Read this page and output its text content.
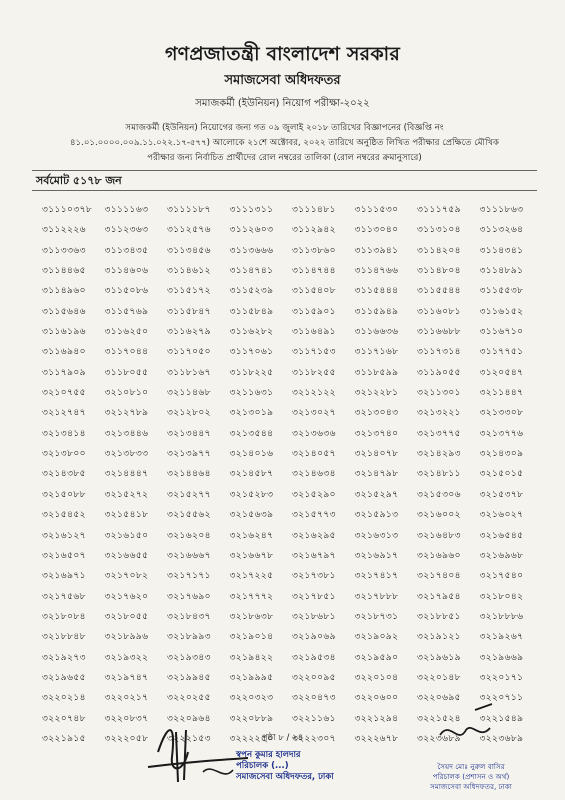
গণপ্রজাতন্ত্রী বাংলাদেশ সরকার
সমাজসেবা অধিদফতর
সমাজকর্মী (ইউনিয়ন) নিয়োগ পরীক্ষা-২০২২
সমাজকর্মী (ইউনিয়ন) নিয়োগের জন্য গত ০৯ জুলাই ২০১৮ তারিখের বিজ্ঞাপনের (বিজ্ঞপ্তি নং
৪১.০১.০০০০.০০৯.১১.০২২.১৭-৫৭৭) আলোকে ২১শে অক্টোবর, ২০২২ তারিখে অনুষ্ঠিত লিখিত পরীক্ষার প্রেক্ষিতে মৌখিক
পরীক্ষার জন্য নির্বাচিত প্রার্থীদের রোল নম্বরের তালিকা (রোল নম্বরের ক্রমানুসারে)
সর্বমোট ৫১৭৮ জন
৩১১১০৩৭৮	৩১১১১৬৩	৩১১১১৮৭	৩১১১৩১১	৩১১১৪৮১	৩১১১৫৩০	৩১১১৭৫৯	৩১১১৮৬৩
৩১১২২২৬	৩১১২৩৬৩	৩১১২৫৭৬	৩১১২৬০৩	৩১১২৯৪২	৩১১৩০৪০	৩১১৩১০৪	৩১১৩২৬৪
৩১১৩৩৬৩	৩১১৩৪৩৫	৩১১৩৪৫৬	৩১১৩৬৬৬	৩১১৩৮৬০	৩১১৩৯৪১	৩১১৪২০৪	৩১১৪৩৪১
৩১১৪৪৬৫	৩১১৪৬০৬	৩১১৪৬১২	৩১১৪৭৪১	৩১১৪৭৪৪	৩১১৪৭৬৬	৩১১৪৮০৪	৩১১৪৮৯১
৩১১৪৯৬০	৩১১৫০৮৬	৩১১৫১৭২	৩১১৫২৩৯	৩১১৫৪০৮	৩১১৫৪৪৪	৩১১৫৫৪৪	৩১১৫৫৩৮
৩১১৫৬৪৬	৩১১৫৭৬৯	৩১১৫৮৪৭	৩১১৫৮৪৯	৩১১৫৯০১	৩১১৫৯৪৯	৩১১৬০৮১	৩১১৬১৫২
৩১১৬১৯৬	৩১১৬২৫০	৩১১৬২৭৯	৩১১৬২৮২	৩১১৬৪৯১	৩১১৬৬৩৬	৩১১৬৬৮৮	৩১১৬৭১০
৩১১৬৯৪০	৩১১৭০৪৪	৩১১৭০৫০	৩১১৭০৬১	৩১১৭১৫৩	৩১১৭১৬৮	৩১১৭৩১৪	৩১১৭৭৫১
৩১১৭৯০৯	৩১১৮০৫৫	৩১১৮১৬৭	৩১১৮২২৫	৩১১৮২৫৫	৩১১৮৫৯৯	৩১১৯০৫৫	৩১২০৫৪৭
৩২১০৭৫৫	৩২১০৮১০	৩২১১৪৬৮	৩২১১৬৩১	৩২১২১২২	৩২১২২৮১	৩২১১৩০১	৩২১১৪৪৭
৩২১২৭৪৭	৩২১২৭৮৯	৩২১২৮০২	৩২১৩০১৯	৩২১৩০২৭	৩২১৩০৪৩	৩২১৩২২১	৩২১৩৩০৮
৩২১৩৪১৪	৩২১৩৪৪৬	৩২১৩৪৪৭	৩২১৩৫৪৪	৩২১৩৬৩৬	৩২১৩৭৪০	৩২১৩৭৭৫	৩২১৩৭৭৬
৩২১৩৮০০	৩২১৩৮৩৩	৩২১৩৯৭৭	৩২১৪০১৬	৩২১৪০৫৭	৩২১৪০৭৮	৩২১৪২৯৩	৩২১৪৩০৯
৩২১৪৩৮৫	৩২১৪৪৪৭	৩২১৪৪৬৪	৩২১৪৫৮৭	৩২১৪৬৩৪	৩২১৪৭৯৮	৩২১৪৮১১	৩২১৫০১৫
৩২১৫০৮৮	৩২১৫২৭২	৩২১৫২৭৭	৩২১৫২৮৩	৩২১৫২৯০	৩২১৫২৯৭	৩২১৫৩০৬	৩২১৫৩৭৮
৩২১৫৪৫২	৩২১৫৪১৮	৩২১৫৫৬২	৩২১৫৬৩৯	৩২১৫৭৭৩	৩২১৫৯১৩	৩২১৬০০২	৩২১৬০২৭
৩২১৬১২৭	৩২১৬১৫০	৩২১৬২০৪	৩২১৬২৪৭	৩২১৬২৯৫	৩২১৬৩১৩	৩২১৬৪৮৩	৩২১৬৫৪৫
৩২১৬৫০৭	৩২১৬৬৫৫	৩২১৬৬৬৭	৩২১৬৬৭৮	৩২১৬৭৯৭	৩২১৬৯১৭	৩২১৬৯৬০	৩২১৬৯৬৮
৩২১৬৯৭১	৩২১৭০৮২	৩২১৭১৭১	৩২১৭২২৫	৩২১৭৩৮১	৩২১৭৪১৭	৩২১৭৪০৪	৩২১৭৫৪০
৩২১৭৫৬৮	৩২১৭৬২০	৩২১৭৬৯০	৩২১৭৭৭২	৩২১৭৮৫১	৩২১৭৮৮৮	৩২১৭৯৫৪	৩২১৮০৪২
৩২১৮০৮৪	৩২১৮০৫৫	৩২১৮৪৩৭	৩২১৮৬৩৮	৩২১৮৬৮১	৩২১৮৭৩১	৩২১৮৮৫১	৩২১৮৮৮৬
৩২১৮৮৪৮	৩২১৮৯৯৬	৩২১৮৯৯৩	৩২১৯০১৪	৩২১৯০৬৯	৩২১৯০৯২	৩২১৯১২১	৩২১৯২৬৭
৩২১৯২৭৩	৩২১৯৩২২	৩২১৯৩৪৩	৩২১৯৪২২	৩২১৯৫৩৪	৩২১৯৫৯০	৩২১৯৬১৯	৩২১৯৬৬৯
৩২১৯৬৫৫	৩২১৯৭৪৭	৩২১৯৯৪৫	৩২১৯৯৯৫	৩২২০০৯৫	৩২২০১০৪	৩২২০১৪৮	৩২২০১৭১
৩২২০২১৪	৩২২০২১৭	৩২২০২৫৫	৩২২০৩২৩	৩২২০৪৭৩	৩২২০৬০০	৩২২০৬৯৫	৩২২০৭১১
৩২২০৭৪৮	৩২২০৮৩৭	৩২২০৯৬৪	৩২২০৮৮৯	৩২২১১৬১	৩২২১২৯৪	৩২২১৫২৪	৩২২১৫৪৯
৩২২১৯১৫	৩২২২০৫৮	৩২২২১৫৩	৩২২২২৫০	৩২২২৩০৭	৩২২২৬৭৮	৩২২৩৬৮৯	৩২২৩৬৮৯
পৃষ্ঠা ৮ / ২৪
স্বপন কুমার হালদার
পরিচালক (...)
সমাজসেবা অধিদফতর, ঢাকা
সৈয়দ মোঃ নুরুল বাসির
পরিচালক (প্রশাসন ও অর্থ)
সমাজসেবা অধিদফতর, ঢাকা
